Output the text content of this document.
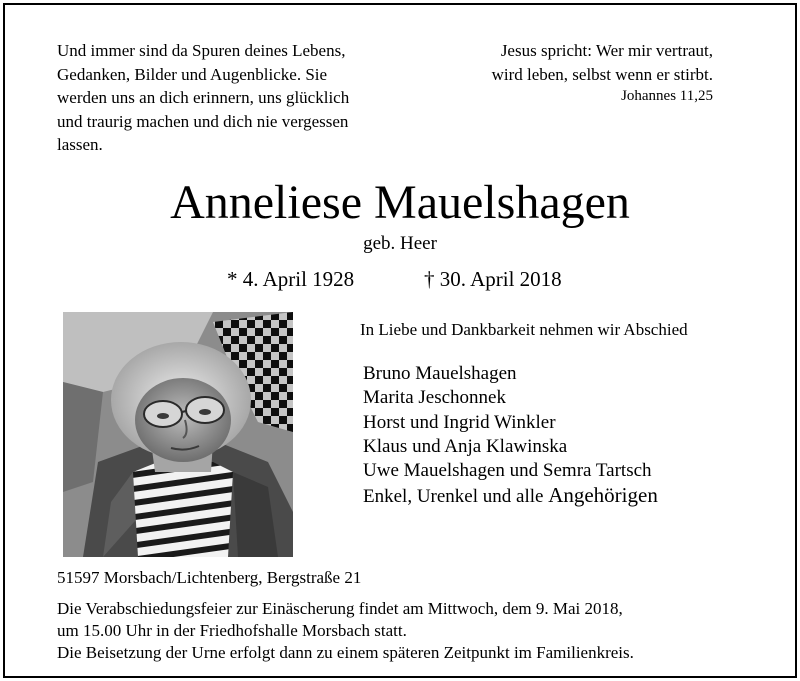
Und immer sind da Spuren deines Lebens,
Gedanken, Bilder und Augenblicke. Sie
werden uns an dich erinnern, uns glücklich
und traurig machen und dich nie vergessen
lassen.
Jesus spricht: Wer mir vertraut,
wird leben, selbst wenn er stirbt.
Johannes 11,25
Anneliese Mauelshagen
geb. Heer
* 4. April 1928	† 30. April 2018
In Liebe und Dankbarkeit nehmen wir Abschied
Bruno Mauelshagen
Marita Jeschonnek
Horst und Ingrid Winkler
Klaus und Anja Klawinska
Uwe Mauelshagen und Semra Tartsch
Enkel, Urenkel und alle Angehörigen
51597 Morsbach/Lichtenberg, Bergstraße 21
Die Verabschiedungsfeier zur Einäscherung findet am Mittwoch, dem 9. Mai 2018,
um 15.00 Uhr in der Friedhofshalle Morsbach statt.
Die Beisetzung der Urne erfolgt dann zu einem späteren Zeitpunkt im Familienkreis.
